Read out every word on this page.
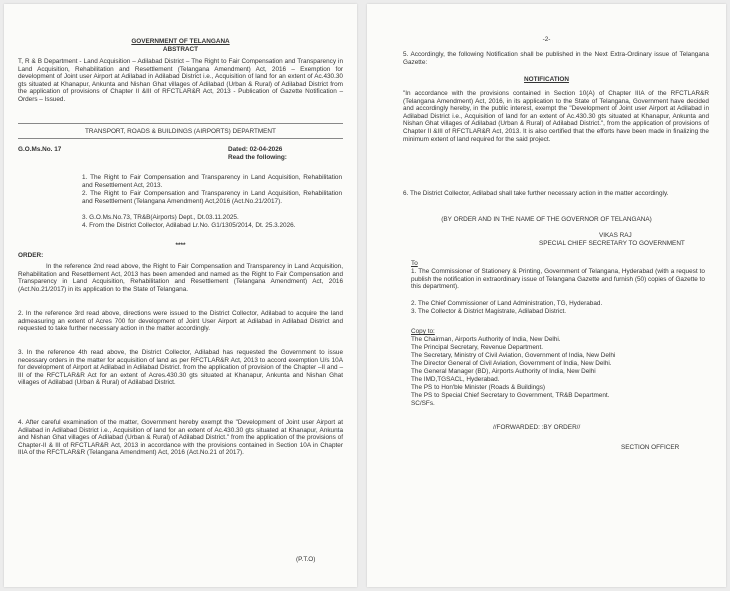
GOVERNMENT OF TELANGANA
ABSTRACT
T, R & B Department - Land Acquisition – Adilabad District – The Right to Fair Compensation and Transparency in Land Acquisition, Rehabilitation and Resettlement (Telangana Amendment) Act, 2016 – Exemption for development of Joint user Airport at Adilabad in Adilabad District i.e., Acquisition of land for an extent of Ac.430.30 gts situated at Khanapur, Ankunta and Nishan Ghat villages of Adilabad (Urban & Rural) of Adilabad District from the application of provisions of Chapter II &III of RFCTLAR&R Act, 2013 - Publication of Gazette Notification – Orders – Issued.
TRANSPORT, ROADS & BUILDINGS (AIRPORTS) DEPARTMENT
G.O.Ms.No. 17	Dated: 02-04-2026
Read the following:
1. The Right to Fair Compensation and Transparency in Land Acquisition, Rehabilitation and Resettlement Act, 2013.
2. The Right to Fair Compensation and Transparency in Land Acquisition, Rehabilitation and Resettlement (Telangana Amendment) Act,2016 (Act.No.21/2017).
3. G.O.Ms.No.73, TR&B(Airports) Dept., Dt.03.11.2025.
4. From the District Collector, Adilabad Lr.No. G1/1305/2014, Dt. 25.3.2026.
****
ORDER:
In the reference 2nd read above, the Right to Fair Compensation and Transparency in Land Acquisition, Rehabilitation and Resettlement Act, 2013 has been amended and named as the Right to Fair Compensation and Transparency in Land Acquisition, Rehabilitation and Resettlement (Telangana Amendment) Act, 2016 (Act.No.21/2017) in its application to the State of Telangana.
2. In the reference 3rd read above, directions were issued to the District Collector, Adilabad to acquire the land admeasuring an extent of Acres 700 for development of Joint User Airport at Adilabad in Adilabad District and requested to take further necessary action in the matter accordingly.
3. In the reference 4th read above, the District Collector, Adilabad has requested the Government to issue necessary orders in the matter for acquisition of land as per RFCTLAR&R Act, 2013 to accord exemption U/s 10A for development of Airport at Adilabad in Adilabad District. from the application of provision of the Chapter –II and –III of the RFCTLAR&R Act for an extent of Acres.430.30 gts situated at Khanapur, Ankunta and Nishan Ghat villages of Adilabad (Urban & Rural) of Adilabad District.
4. After careful examination of the matter, Government hereby exempt the "Development of Joint user Airport at Adilabad in Adilabad District i.e., Acquisition of land for an extent of Ac.430.30 gts situated at Khanapur, Ankunta and Nishan Ghat villages of Adilabad (Urban & Rural) of Adilabad District." from the application of the provisions of Chapter-II & III of RFCTLAR&R Act, 2013 in accordance with the provisions contained in Section 10A in Chapter IIIA of the RFCTLAR&R (Telangana Amendment) Act, 2016 (Act.No.21 of 2017).
(P.T.O)
-2-
5. Accordingly, the following Notification shall be published in the Next Extra-Ordinary issue of Telangana Gazette:
NOTIFICATION
"In accordance with the provisions contained in Section 10(A) of Chapter IIIA of the RFCTLAR&R (Telangana Amendment) Act, 2016, in its application to the State of Telangana, Government have decided and accordingly hereby, in the public interest, exempt the "Development of Joint user Airport at Adilabad in Adilabad District i.e., Acquisition of land for an extent of Ac.430.30 gts situated at Khanapur, Ankunta and Nishan Ghat villages of Adilabad (Urban & Rural) of Adilabad District.", from the application of provisions of Chapter II &III of RFCTLAR&R Act, 2013. It is also certified that the efforts have been made in finalizing the minimum extent of land required for the said project.
6. The District Collector, Adilabad shall take further necessary action in the matter accordingly.
(BY ORDER AND IN THE NAME OF THE GOVERNOR OF TELANGANA)
VIKAS RAJ
SPECIAL CHIEF SECRETARY TO GOVERNMENT
To
1. The Commissioner of Stationery & Printing, Government of Telangana, Hyderabad (with a request to publish the notification in extraordinary issue of Telangana Gazette and furnish (50) copies of Gazette to this department).
2. The Chief Commissioner of Land Administration, TG, Hyderabad.
3. The Collector & District Magistrate, Adilabad District.
Copy to:
The Chairman, Airports Authority of India, New Delhi.
The Principal Secretary, Revenue Department.
The Secretary, Ministry of Civil Aviation, Government of India, New Delhi
The Director General of Civil Aviation, Government of India, New Delhi.
The General Manager (BD), Airports Authority of India, New Delhi
The IMD,TGSACL, Hyderabad.
The PS to Hon'ble Minister (Roads & Buildings)
The PS to Special Chief Secretary to Government, TR&B Department.
SC/SFs.
//FORWARDED: :BY ORDER//
SECTION OFFICER
